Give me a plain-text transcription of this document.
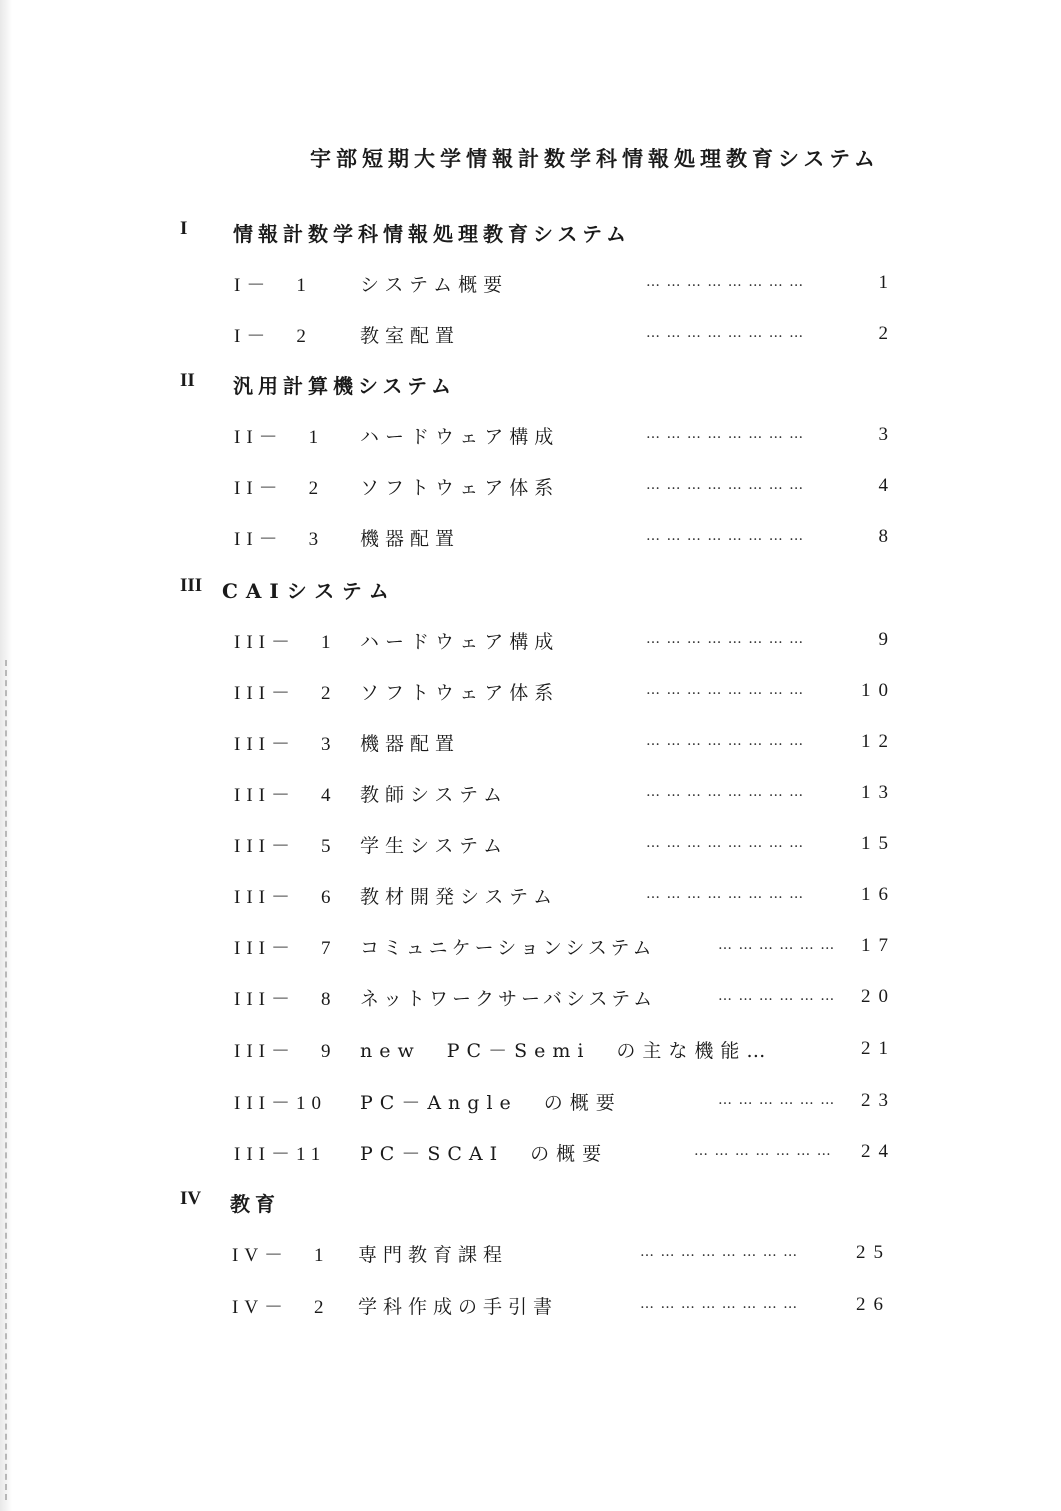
宇部短期大学情報計数学科情報処理教育システム
I 情報計数学科情報処理教育システム
I－　1	システム概要	… … … … … … … …	1
I－　2	教室配置	… … … … … … … …	2
II 汎用計算機システム
II－　1	ハードウェア構成	… … … … … … … …	3
II－　2	ソフトウェア体系	… … … … … … … …	4
II－　3	機器配置	… … … … … … … …	8
III CAIシステム
III－　1	ハードウェア構成	… … … … … … … …	9
III－　2	ソフトウェア体系	… … … … … … … …	10
III－　3	機器配置	… … … … … … … …	12
III－　4	教師システム	… … … … … … … …	13
III－　5	学生システム	… … … … … … … …	15
III－　6	教材開発システム	… … … … … … … …	16
III－　7	コミュニケーションシステム	… … … … … … 17
III－　8	ネットワークサーバシステム	… … … … … … 20
III－　9	new　PC－Semi　の主な機能…	21
III－10	PC－Angle　の概要	… … … … … … 23
III－11	PC－SCAI　の概要	… … … … … … … 24
IV 教育
IV－　1	専門教育課程	… … … … … … … …	25
IV－　2	学科作成の手引書	… … … … … … … …	26
